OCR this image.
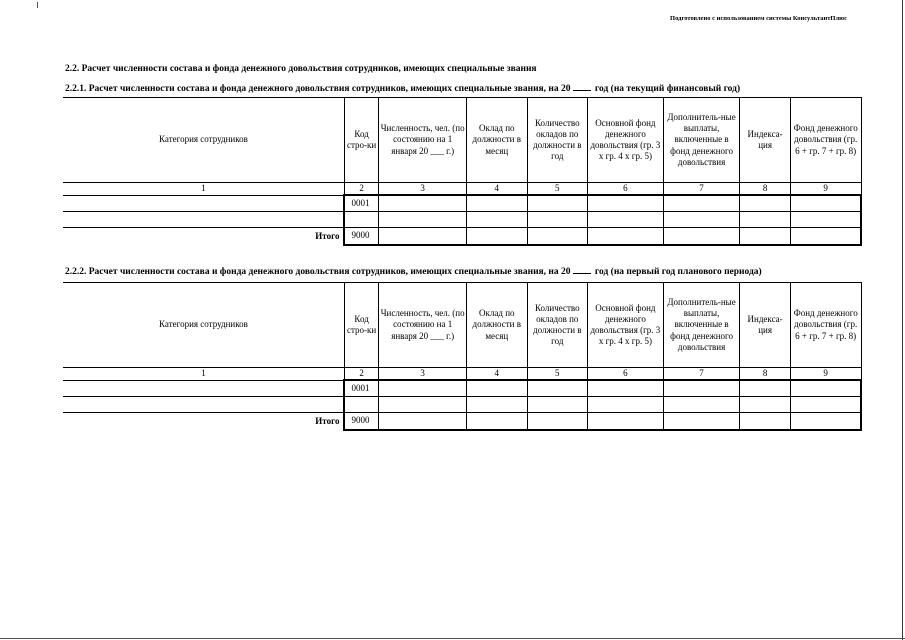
Подготовлено с использованием системы КонсультантПлюс
2.2. Расчет численности состава и фонда денежного довольствия сотрудников, имеющих специальные звания
2.2.1. Расчет численности состава и фонда денежного довольствия сотрудников, имеющих специальные звания, на 20	год (на текущий финансовый год)
Категория сотрудников	Код стро-ки	Численность, чел. (по состоянию на 1 января 20 ___ г.)	Оклад по должности в месяц	Количество окладов по должности в год	Основной фонд денежного довольствия (гр. 3 х гр. 4 х гр. 5)	Дополнитель-ные выплаты, включенные в фонд денежного довольствия	Индекса-ция	Фонд денежного довольствия (гр. 6 + гр. 7 + гр. 8)
1	2	3	4	5	6	7	8	9
	0001							

Итого	9000							
2.2.2. Расчет численности состава и фонда денежного довольствия сотрудников, имеющих специальные звания, на 20	год (на первый год планового периода)
Категория сотрудников	Код стро-ки	Численность, чел. (по состоянию на 1 января 20 ___ г.)	Оклад по должности в месяц	Количество окладов по должности в год	Основной фонд денежного довольствия (гр. 3 х гр. 4 х гр. 5)	Дополнитель-ные выплаты, включенные в фонд денежного довольствия	Индекса-ция	Фонд денежного довольствия (гр. 6 + гр. 7 + гр. 8)
1	2	3	4	5	6	7	8	9
	0001							

Итого	9000							
